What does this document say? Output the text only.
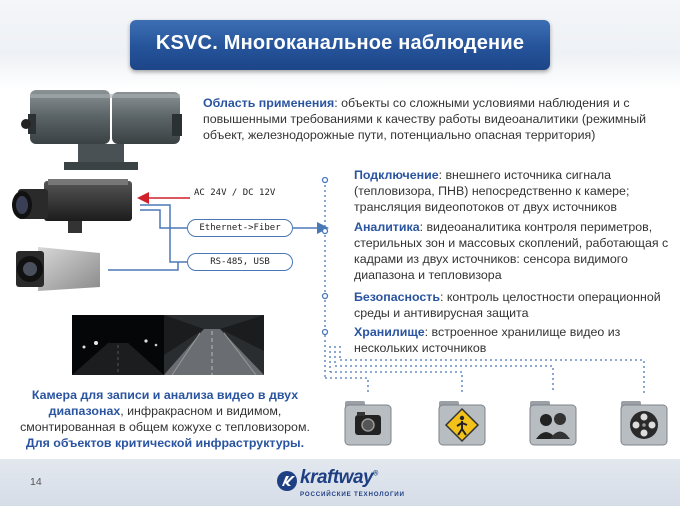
KSVC. Многоканальное наблюдение
AC 24V / DC 12V
Ethernet->Fiber
RS-485, USB
Область применения: объекты со сложными условиями наблюдения и с повышенными требованиями к качеству работы видеоаналитики (режимный объект, железнодорожные пути, потенциально опасная территория)
Подключение: внешнего источника сигнала (тепловизора, ПНВ) непосредственно к камере; трансляция видеопотоков от двух источников
Аналитика: видеоаналитика контроля периметров, стерильных зон и массовых скоплений, работающая с кадрами из двух источников: сенсора видимого диапазона и тепловизора
Безопасность: контроль целостности операционной среды и антивирусная защита
Хранилище: встроенное хранилище видео из нескольких источников
Камера для записи и анализа видео в двух диапазонах, инфракрасном и видимом, смонтированная в общем кожухе с тепловизором. Для объектов критической инфраструктуры.
14	kraftway®
РОССИЙСКИЕ ТЕХНОЛОГИИ
